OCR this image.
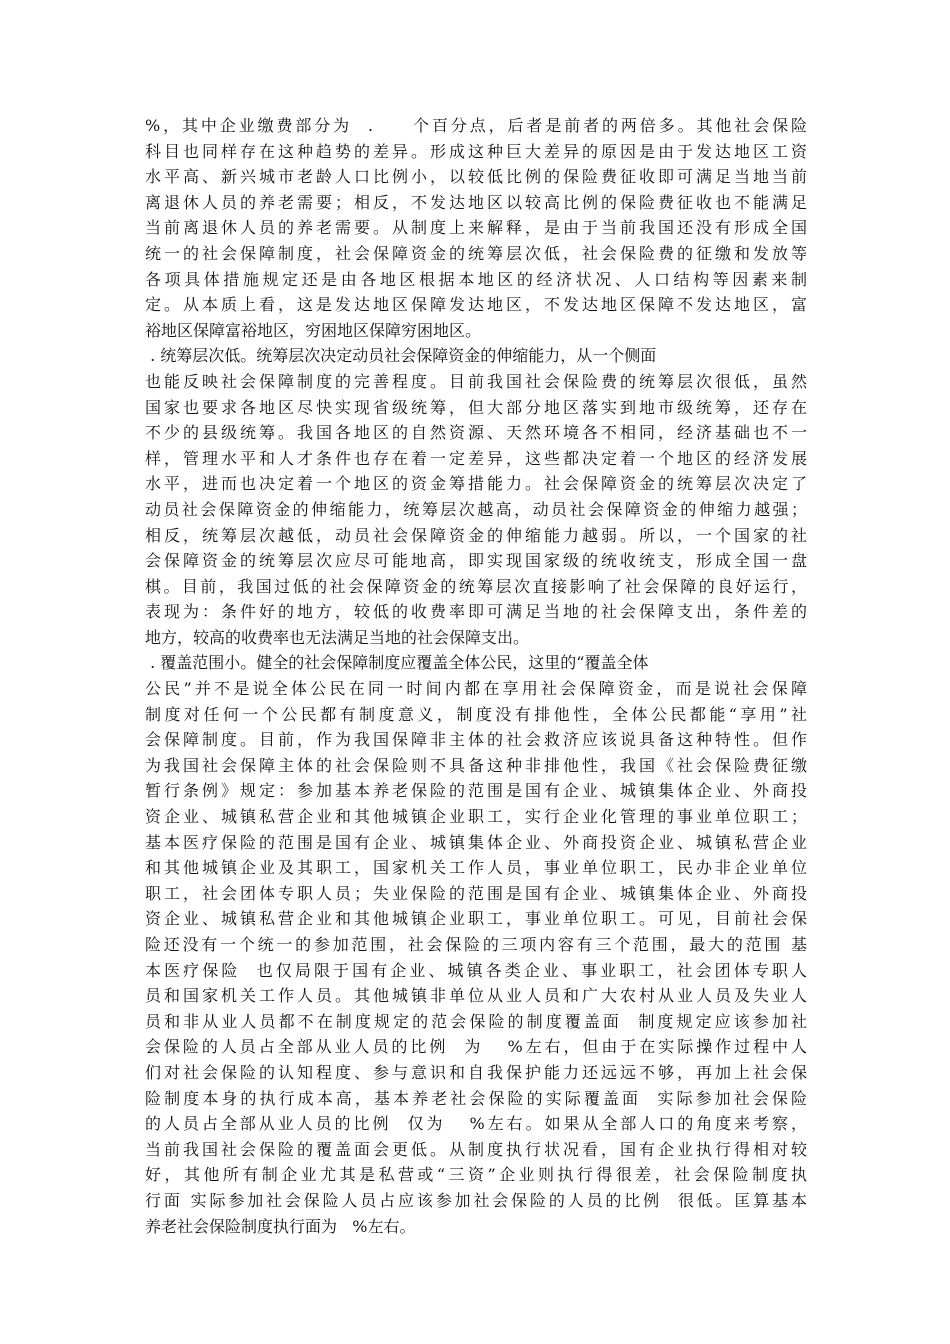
%，其中企业缴费部分为  .     个百分点，后者是前者的两倍多。其他社会保险
科目也同样存在这种趋势的差异。形成这种巨大差异的原因是由于发达地区工资
水平高、新兴城市老龄人口比例小，以较低比例的保险费征收即可满足当地当前
离退休人员的养老需要；相反，不发达地区以较高比例的保险费征收也不能满足
当前离退休人员的养老需要。从制度上来解释，是由于当前我国还没有形成全国
统一的社会保障制度，社会保障资金的统筹层次低，社会保险费的征缴和发放等
各项具体措施规定还是由各地区根据本地区的经济状况、人口结构等因素来制
定。从本质上看，这是发达地区保障发达地区，不发达地区保障不发达地区，富
裕地区保障富裕地区，穷困地区保障穷困地区。
. 统筹层次低。统筹层次决定动员社会保障资金的伸缩能力，从一个侧面
也能反映社会保障制度的完善程度。目前我国社会保险费的统筹层次很低，虽然
国家也要求各地区尽快实现省级统筹，但大部分地区落实到地市级统筹，还存在
不少的县级统筹。我国各地区的自然资源、天然环境各不相同，经济基础也不一
样，管理水平和人才条件也存在着一定差异，这些都决定着一个地区的经济发展
水平，进而也决定着一个地区的资金筹措能力。社会保障资金的统筹层次决定了
动员社会保障资金的伸缩能力，统筹层次越高，动员社会保障资金的伸缩力越强；
相反，统筹层次越低，动员社会保障资金的伸缩能力越弱。所以，一个国家的社
会保障资金的统筹层次应尽可能地高，即实现国家级的统收统支，形成全国一盘
棋。目前，我国过低的社会保障资金的统筹层次直接影响了社会保障的良好运行，
表现为：条件好的地方，较低的收费率即可满足当地的社会保障支出，条件差的
地方，较高的收费率也无法满足当地的社会保障支出。
. 覆盖范围小。健全的社会保障制度应覆盖全体公民，这里的“覆盖全体
公民”并不是说全体公民在同一时间内都在享用社会保障资金，而是说社会保障
制度对任何一个公民都有制度意义，制度没有排他性，全体公民都能“享用”社
会保障制度。目前，作为我国保障非主体的社会救济应该说具备这种特性。但作
为我国社会保障主体的社会保险则不具备这种非排他性，我国《社会保险费征缴
暂行条例》规定：参加基本养老保险的范围是国有企业、城镇集体企业、外商投
资企业、城镇私营企业和其他城镇企业职工，实行企业化管理的事业单位职工；
基本医疗保险的范围是国有企业、城镇集体企业、外商投资企业、城镇私营企业
和其他城镇企业及其职工，国家机关工作人员，事业单位职工，民办非企业单位
职工，社会团体专职人员；失业保险的范围是国有企业、城镇集体企业、外商投
资企业、城镇私营企业和其他城镇企业职工，事业单位职工。可见，目前社会保
险还没有一个统一的参加范围，社会保险的三项内容有三个范围，最大的范围 基
本医疗保险  也仅局限于国有企业、城镇各类企业、事业职工，社会团体专职人
员和国家机关工作人员。其他城镇非单位从业人员和广大农村从业人员及失业人
员和非从业人员都不在制度规定的范会保险的制度覆盖面  制度规定应该参加社
会保险的人员占全部从业人员的比例  为   %左右，但由于在实际操作过程中人
们对社会保险的认知程度、参与意识和自我保护能力还远远不够，再加上社会保
险制度本身的执行成本高，基本养老社会保险的实际覆盖面  实际参加社会保险
的人员占全部从业人员的比例  仅为   %左右。如果从全部人口的角度来考察，
当前我国社会保险的覆盖面会更低。从制度执行状况看，国有企业执行得相对较
好，其他所有制企业尤其是私营或“三资”企业则执行得很差，社会保险制度执
行面 实际参加社会保险人员占应该参加社会保险的人员的比例  很低。匡算基本
养老社会保险制度执行面为   %左右。
